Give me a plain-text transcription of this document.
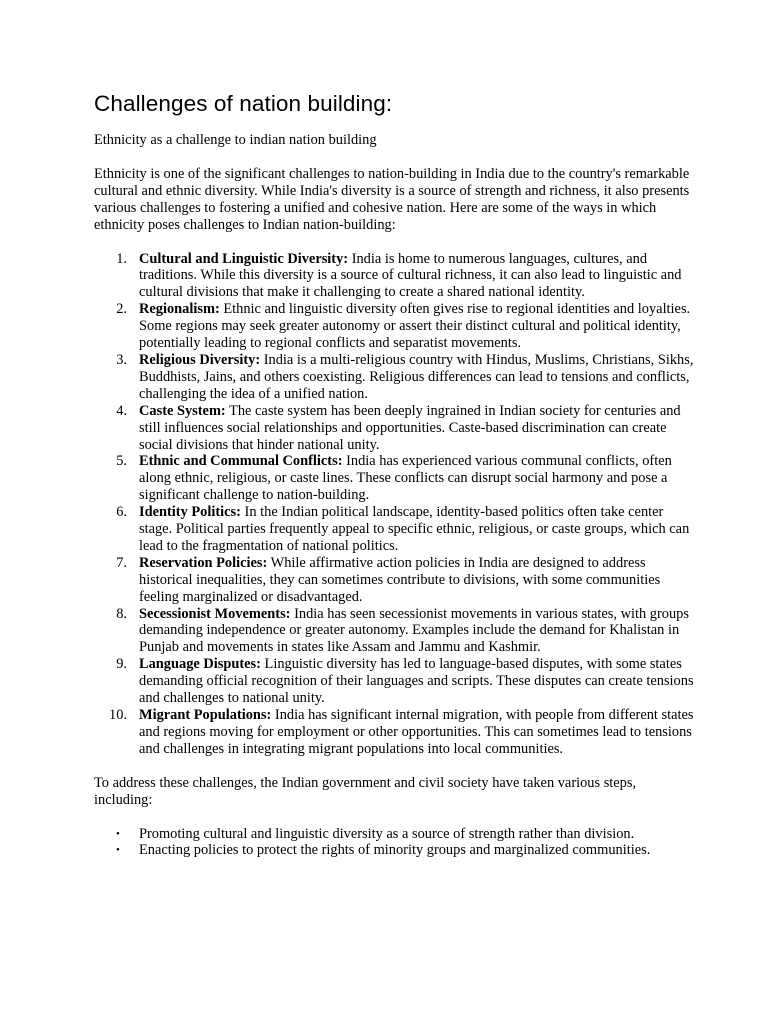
Challenges of nation building:

Ethnicity as a challenge to indian nation building

Ethnicity is one of the significant challenges to nation-building in India due to the country's remarkable cultural and ethnic diversity. While India's diversity is a source of strength and richness, it also presents various challenges to fostering a unified and cohesive nation. Here are some of the ways in which ethnicity poses challenges to Indian nation-building:

1. Cultural and Linguistic Diversity: India is home to numerous languages, cultures, and traditions. While this diversity is a source of cultural richness, it can also lead to linguistic and cultural divisions that make it challenging to create a shared national identity.
2. Regionalism: Ethnic and linguistic diversity often gives rise to regional identities and loyalties. Some regions may seek greater autonomy or assert their distinct cultural and political identity, potentially leading to regional conflicts and separatist movements.
3. Religious Diversity: India is a multi-religious country with Hindus, Muslims, Christians, Sikhs, Buddhists, Jains, and others coexisting. Religious differences can lead to tensions and conflicts, challenging the idea of a unified nation.
4. Caste System: The caste system has been deeply ingrained in Indian society for centuries and still influences social relationships and opportunities. Caste-based discrimination can create social divisions that hinder national unity.
5. Ethnic and Communal Conflicts: India has experienced various communal conflicts, often along ethnic, religious, or caste lines. These conflicts can disrupt social harmony and pose a significant challenge to nation-building.
6. Identity Politics: In the Indian political landscape, identity-based politics often take center stage. Political parties frequently appeal to specific ethnic, religious, or caste groups, which can lead to the fragmentation of national politics.
7. Reservation Policies: While affirmative action policies in India are designed to address historical inequalities, they can sometimes contribute to divisions, with some communities feeling marginalized or disadvantaged.
8. Secessionist Movements: India has seen secessionist movements in various states, with groups demanding independence or greater autonomy. Examples include the demand for Khalistan in Punjab and movements in states like Assam and Jammu and Kashmir.
9. Language Disputes: Linguistic diversity has led to language-based disputes, with some states demanding official recognition of their languages and scripts. These disputes can create tensions and challenges to national unity.
10. Migrant Populations: India has significant internal migration, with people from different states and regions moving for employment or other opportunities. This can sometimes lead to tensions and challenges in integrating migrant populations into local communities.

To address these challenges, the Indian government and civil society have taken various steps, including:

• Promoting cultural and linguistic diversity as a source of strength rather than division.
• Enacting policies to protect the rights of minority groups and marginalized communities.
